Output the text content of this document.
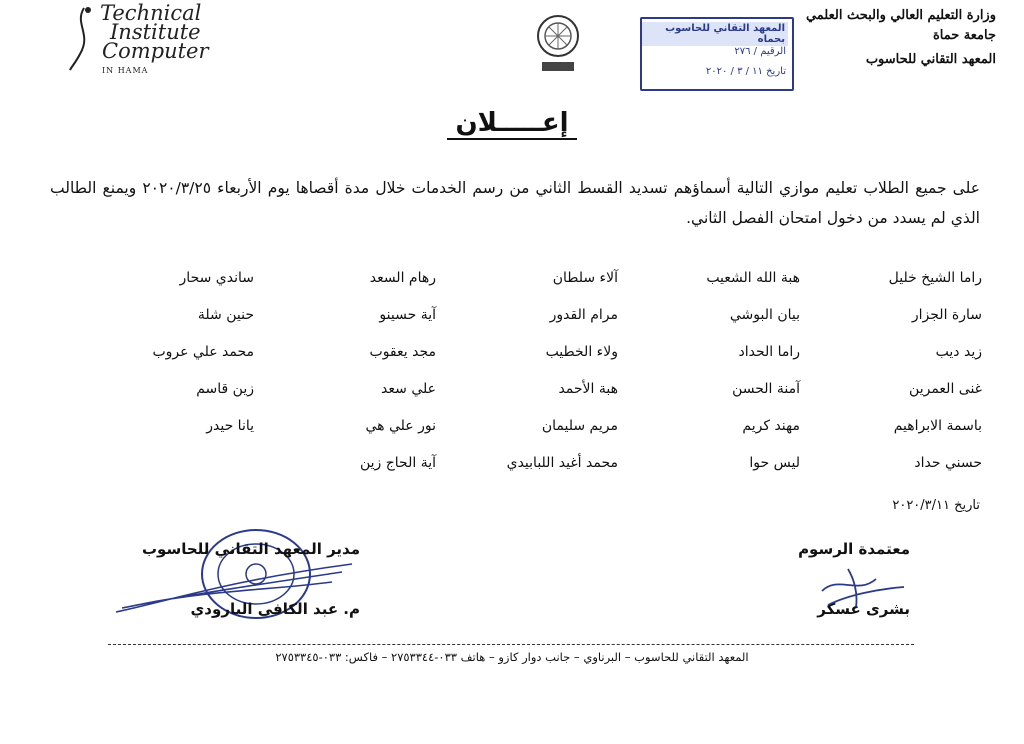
وزارة التعليم العالي والبحث العلمي
جامعة حماة
المعهد التقاني للحاسوب
Technical
Institute
Computer
IN HAMA
المعهد التقاني للحاسوب بحماه
الرقيم / ٢٧٦
تاريخ ١١ / ٣ / ٢٠٢٠
إعـــــلان
على جميع الطلاب تعليم موازي التالية أسماؤهم تسديد القسط الثاني من رسم الخدمات خلال مدة أقصاها يوم الأربعاء ٢٠٢٠/٣/٢٥ ويمنع الطالب الذي لم يسدد من دخول امتحان الفصل الثاني.
راما الشيخ خليل
هبة الله الشعيب
آلاء سلطان
رهام السعد
ساندي سحار
سارة الجزار
بيان البوشي
مرام القدور
آية حسينو
حنين شلة
زيد ديب
راما الحداد
ولاء الخطيب
مجد يعقوب
محمد علي عروب
غنى العمرين
آمنة الحسن
هبة الأحمد
علي سعد
زين قاسم
باسمة الابراهيم
مهند كريم
مريم سليمان
نور علي هي
يانا حيدر
حسني حداد
ليس حوا
محمد أغيد اللبابيدي
آية الحاج زين
تاريخ ٢٠٢٠/٣/١١
مدير المعهد التقاني للحاسوب
م. عبد الكافي البارودي
معتمدة الرسوم
بشرى عسكر
المعهد التقاني للحاسوب – البرناوي – جانب دوار كازو – هاتف ٠٣٣-٢٧٥٣٣٤٤ – فاكس: ٠٣٣-٢٧٥٣٣٤٥
